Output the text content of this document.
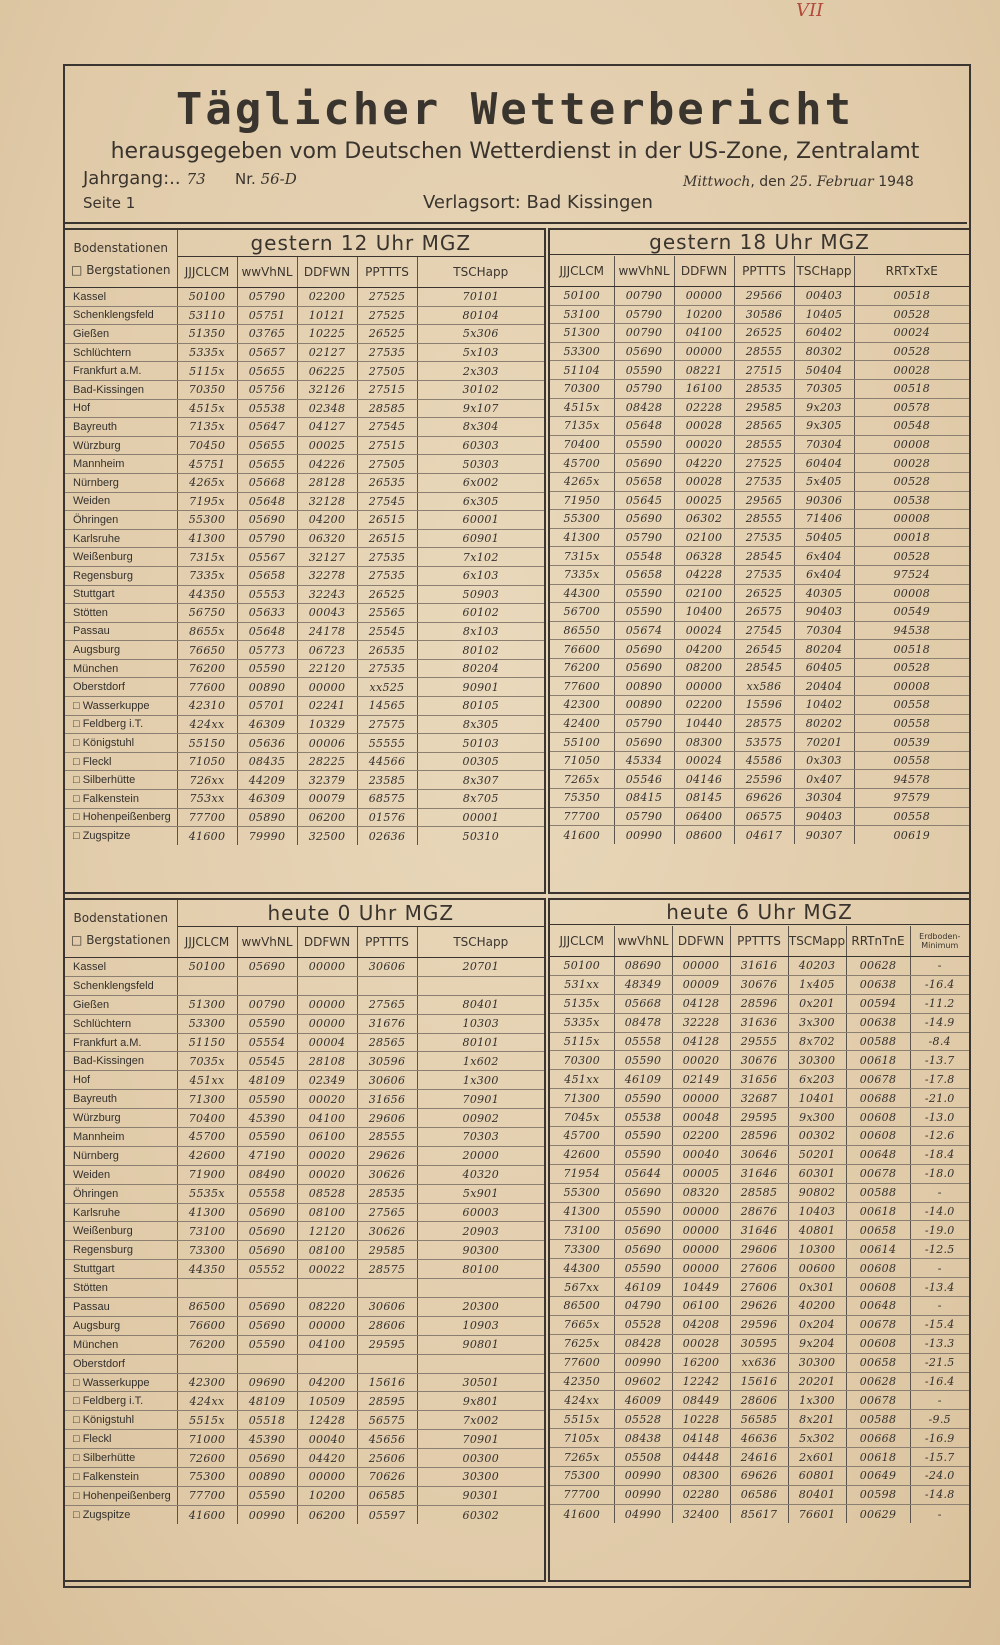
VII
Täglicher Wetterbericht
herausgegeben vom Deutschen Wetterdienst in der US-Zone, Zentralamt
Jahrgang:.. 73 Nr. 56-D	Mittwoch, den 25. Februar 1948
Seite 1	Verlagsort: Bad Kissingen
Bodenstationen
□ Bergstationen	gestern 12 Uhr MGZ				
	JJJCLCM	wwVhNL	DDFWN	PPTTTS	TSCHapp
Kassel	50100	05790	02200	27525	70101
Schenklengsfeld	53110	05751	10121	27525	80104
Gießen	51350	03765	10225	26525	5x306
Schlüchtern	5335x	05657	02127	27535	5x103
Frankfurt a.M.	5115x	05655	06225	27505	2x303
Bad-Kissingen	70350	05756	32126	27515	30102
Hof	4515x	05538	02348	28585	9x107
Bayreuth	7135x	05647	04127	27545	8x304
Würzburg	70450	05655	00025	27515	60303
Mannheim	45751	05655	04226	27505	50303
Nürnberg	4265x	05668	28128	26535	6x002
Weiden	7195x	05648	32128	27545	6x305
Öhringen	55300	05690	04200	26515	60001
Karlsruhe	41300	05790	06320	26515	60901
Weißenburg	7315x	05567	32127	27535	7x102
Regensburg	7335x	05658	32278	27535	6x103
Stuttgart	44350	05553	32243	26525	50903
Stötten	56750	05633	00043	25565	60102
Passau	8655x	05648	24178	25545	8x103
Augsburg	76650	05773	06723	26535	80102
München	76200	05590	22120	27535	80204
Oberstdorf	77600	00890	00000	xx525	90901
□ Wasserkuppe	42310	05701	02241	14565	80105
□ Feldberg i.T.	424xx	46309	10329	27575	8x305
□ Königstuhl	55150	05636	00006	55555	50103
□ Fleckl	71050	08435	28225	44566	00305
□ Silberhütte	726xx	44209	32379	23585	8x307
□ Falkenstein	753xx	46309	00079	68575	8x705
□ Hohenpeißenberg	77700	05890	06200	01576	00001
□ Zugspitze	41600	79990	32500	02636	50310
gestern 18 Uhr MGZ
JJJCLCM	wwVhNL	DDFWN	PPTTTS	TSCHapp	RRTxTxE
50100	00790	00000	29566	00403	00518
53100	05790	10200	30586	10405	00528
51300	00790	04100	26525	60402	00024
53300	05690	00000	28555	80302	00528
51104	05590	08221	27515	50404	00028
70300	05790	16100	28535	70305	00518
4515x	08428	02228	29585	9x203	00578
7135x	05648	00028	28565	9x305	00548
70400	05590	00020	28555	70304	00008
45700	05690	04220	27525	60404	00028
4265x	05658	00028	27535	5x405	00528
71950	05645	00025	29565	90306	00538
55300	05690	06302	28555	71406	00008
41300	05790	02100	27535	50405	00018
7315x	05548	06328	28545	6x404	00528
7335x	05658	04228	27535	6x404	97524
44300	05590	02100	26525	40305	00008
56700	05590	10400	26575	90403	00549
86550	05674	00024	27545	70304	94538
76600	05690	04200	26545	80204	00518
76200	05690	08200	28545	60405	00528
77600	00890	00000	xx586	20404	00008
42300	00890	02200	15596	10402	00558
42400	05790	10440	28575	80202	00558
55100	05690	08300	53575	70201	00539
71050	45334	00024	45586	0x303	00558
7265x	05546	04146	25596	0x407	94578
75350	08415	08145	69626	30304	97579
77700	05790	06400	06575	90403	00558
41600	00990	08600	04617	90307	00619
Bodenstationen
□ Bergstationen	heute 0 Uhr MGZ				
	JJJCLCM	wwVhNL	DDFWN	PPTTTS	TSCHapp
Kassel	50100	05690	00000	30606	20701
Schenklengsfeld					
Gießen	51300	00790	00000	27565	80401
Schlüchtern	53300	05590	00000	31676	10303
Frankfurt a.M.	51150	05554	00004	28565	80101
Bad-Kissingen	7035x	05545	28108	30596	1x602
Hof	451xx	48109	02349	30606	1x300
Bayreuth	71300	05590	00020	31656	70901
Würzburg	70400	45390	04100	29606	00902
Mannheim	45700	05590	06100	28555	70303
Nürnberg	42600	47190	00020	29626	20000
Weiden	71900	08490	00020	30626	40320
Öhringen	5535x	05558	08528	28535	5x901
Karlsruhe	41300	05690	08100	27565	60003
Weißenburg	73100	05690	12120	30626	20903
Regensburg	73300	05690	08100	29585	90300
Stuttgart	44350	05552	00022	28575	80100
Stötten					
Passau	86500	05690	08220	30606	20300
Augsburg	76600	05690	00000	28606	10903
München	76200	05590	04100	29595	90801
Oberstdorf					
□ Wasserkuppe	42300	09690	04200	15616	30501
□ Feldberg i.T.	424xx	48109	10509	28595	9x801
□ Königstuhl	5515x	05518	12428	56575	7x002
□ Fleckl	71000	45390	00040	45656	70901
□ Silberhütte	72600	05690	04420	25606	00300
□ Falkenstein	75300	00890	00000	70626	30300
□ Hohenpeißenberg	77700	05590	10200	06585	90301
□ Zugspitze	41600	00990	06200	05597	60302
heute 6 Uhr MGZ
JJJCLCM	wwVhNL	DDFWN	PPTTTS	TSCMapp	RRTnTnE	Erdboden-Minimum
50100	08690	00000	31616	40203	00628	-
531xx	48349	00009	30676	1x405	00638	-16.4
5135x	05668	04128	28596	0x201	00594	-11.2
5335x	08478	32228	31636	3x300	00638	-14.9
5115x	05558	04128	29555	8x702	00588	-8.4
70300	05590	00020	30676	30300	00618	-13.7
451xx	46109	02149	31656	6x203	00678	-17.8
71300	05590	00000	32687	10401	00688	-21.0
7045x	05538	00048	29595	9x300	00608	-13.0
45700	05590	02200	28596	00302	00608	-12.6
42600	05590	00040	30646	50201	00648	-18.4
71954	05644	00005	31646	60301	00678	-18.0
55300	05690	08320	28585	90802	00588	-
41300	05590	00000	28676	10403	00618	-14.0
73100	05690	00000	31646	40801	00658	-19.0
73300	05690	00000	29606	10300	00614	-12.5
44300	05590	00000	27606	00600	00608	-
567xx	46109	10449	27606	0x301	00608	-13.4
86500	04790	06100	29626	40200	00648	-
7665x	05528	04208	29596	0x204	00678	-15.4
7625x	08428	00028	30595	9x204	00608	-13.3
77600	00990	16200	xx636	30300	00658	-21.5
42350	09602	12242	15616	20201	00628	-16.4
424xx	46009	08449	28606	1x300	00678	-
5515x	05528	10228	56585	8x201	00588	-9.5
7105x	08438	04148	46636	5x302	00668	-16.9
7265x	05508	04448	24616	2x601	00618	-15.7
75300	00990	08300	69626	60801	00649	-24.0
77700	00990	02280	06586	80401	00598	-14.8
41600	04990	32400	85617	76601	00629	-
